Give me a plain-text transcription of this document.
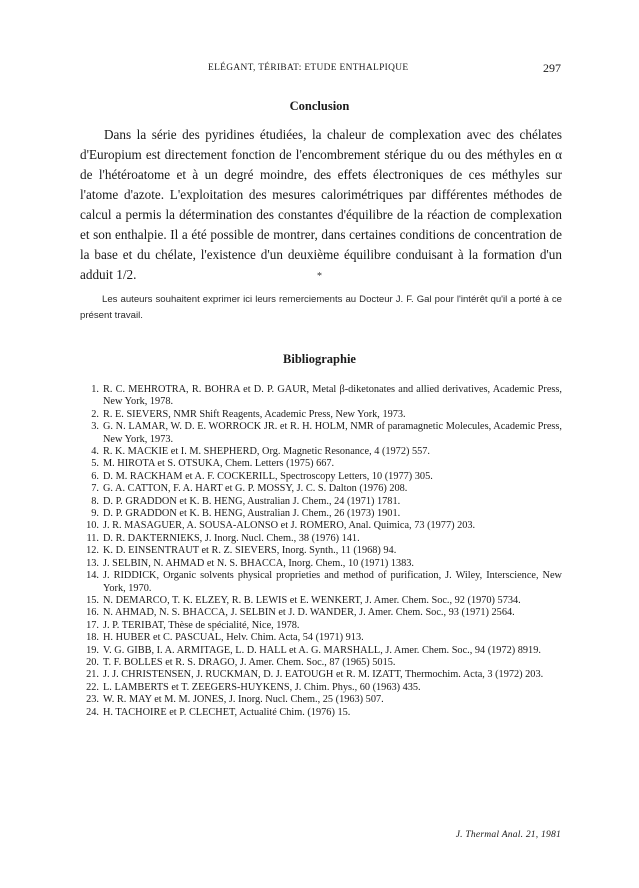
ELÉGANT, TÉRIBAT: ETUDE ENTHALPIQUE	297
Conclusion

Dans la série des pyridines étudiées, la chaleur de complexation avec des chélates d'Europium est directement fonction de l'encombrement stérique du ou des méthyles en α de l'hétéroatome et à un degré moindre, des effets électroniques de ces méthyles sur l'atome d'azote. L'exploitation des mesures calorimétriques par différentes méthodes de calcul a permis la détermination des constantes d'équilibre de la réaction de complexation et son enthalpie. Il a été possible de montrer, dans certaines conditions de concentration de la base et du chélate, l'existence d'un deuxième équilibre conduisant à la formation d'un adduit 1/2.	*

Les auteurs souhaitent exprimer ici leurs remerciements au Docteur J. F. Gal pour l'intérêt qu'il a porté à ce présent travail.

Bibliographie

1. R. C. MEHROTRA, R. BOHRA et D. P. GAUR, Metal β-diketonates and allied derivatives, Academic Press, New York, 1978.

2. R. E. SIEVERS, NMR Shift Reagents, Academic Press, New York, 1973.

3. G. N. LAMAR, W. D. E. WORROCK JR. et R. H. HOLM, NMR of paramagnetic Molecules, Academic Press, New York, 1973.

4. R. K. MACKIE et I. M. SHEPHERD, Org. Magnetic Resonance, 4 (1972) 557.

5. M. HIROTA et S. OTSUKA, Chem. Letters (1975) 667.

6. D. M. RACKHAM et A. F. COCKERILL, Spectroscopy Letters, 10 (1977) 305.

7. G. A. CATTON, F. A. HART et G. P. MOSSY, J. C. S. Dalton (1976) 208.

8. D. P. GRADDON et K. B. HENG, Australian J. Chem., 24 (1971) 1781.

9. D. P. GRADDON et K. B. HENG, Australian J. Chem., 26 (1973) 1901.

10. J. R. MASAGUER, A. SOUSA-ALONSO et J. ROMERO, Anal. Quimica, 73 (1977) 203.

11. D. R. DAKTERNIEKS, J. Inorg. Nucl. Chem., 38 (1976) 141.

12. K. D. EINSENTRAUT et R. Z. SIEVERS, Inorg. Synth., 11 (1968) 94.

13. J. SELBIN, N. AHMAD et N. S. BHACCA, Inorg. Chem., 10 (1971) 1383.

14. J. RIDDICK, Organic solvents physical proprieties and method of purification, J. Wiley, Interscience, New York, 1970.

15. N. DEMARCO, T. K. ELZEY, R. B. LEWIS et E. WENKERT, J. Amer. Chem. Soc., 92 (1970) 5734.

16. N. AHMAD, N. S. BHACCA, J. SELBIN et J. D. WANDER, J. Amer. Chem. Soc., 93 (1971) 2564.

17. J. P. TERIBAT, Thèse de spécialité, Nice, 1978.

18. H. HUBER et C. PASCUAL, Helv. Chim. Acta, 54 (1971) 913.

19. V. G. GIBB, I. A. ARMITAGE, L. D. HALL et A. G. MARSHALL, J. Amer. Chem. Soc., 94 (1972) 8919.

20. T. F. BOLLES et R. S. DRAGO, J. Amer. Chem. Soc., 87 (1965) 5015.

21. J. J. CHRISTENSEN, J. RUCKMAN, D. J. EATOUGH et R. M. IZATT, Thermochim. Acta, 3 (1972) 203.

22. L. LAMBERTS et T. ZEEGERS-HUYKENS, J. Chim. Phys., 60 (1963) 435.

23. W. R. MAY et M. M. JONES, J. Inorg. Nucl. Chem., 25 (1963) 507.

24. H. TACHOIRE et P. CLECHET, Actualité Chim. (1976) 15.

J. Thermal Anal. 21, 1981
